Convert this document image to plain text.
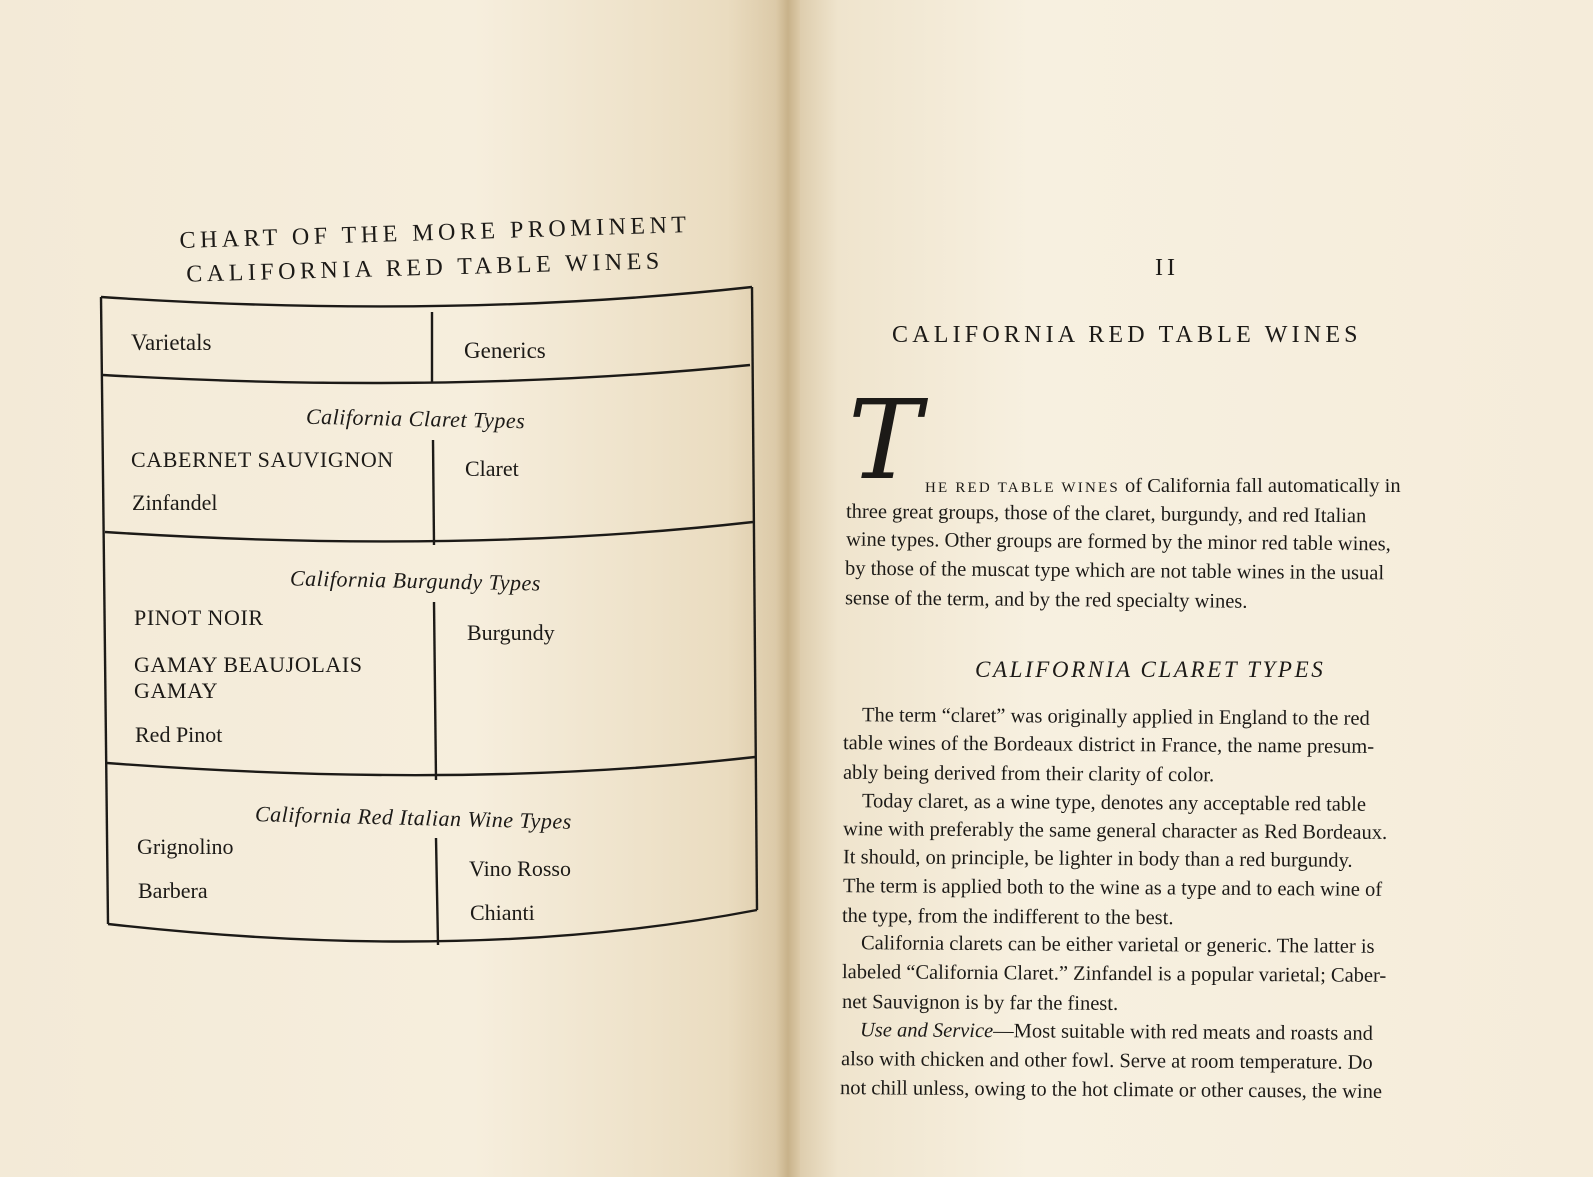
CHART OF THE MORE PROMINENT
CALIFORNIA RED TABLE WINES

Varietals	Generics

California Claret Types

CABERNET SAUVIGNON

Zinfandel

Claret

California Burgundy Types

PINOT NOIR

GAMAY BEAUJOLAIS

GAMAY

Red Pinot

Burgundy

California Red Italian Wine Types

Grignolino

Barbera

Vino Rosso

Chianti

II

CALIFORNIA RED TABLE WINES
T HE RED TABLE WINES of California fall automatically in

three great groups, those of the claret, burgundy, and red Italian

wine types. Other groups are formed by the minor red table wines,

by those of the muscat type which are not table wines in the usual

sense of the term, and by the red specialty wines.

CALIFORNIA CLARET TYPES

The term “claret” was originally applied in England to the red

table wines of the Bordeaux district in France, the name presum-

ably being derived from their clarity of color.

Today claret, as a wine type, denotes any acceptable red table

wine with preferably the same general character as Red Bordeaux.

It should, on principle, be lighter in body than a red burgundy.

The term is applied both to the wine as a type and to each wine of

the type, from the indifferent to the best.

California clarets can be either varietal or generic. The latter is

labeled “California Claret.” Zinfandel is a popular varietal; Caber-

net Sauvignon is by far the finest.

Use and Service—Most suitable with red meats and roasts and

also with chicken and other fowl. Serve at room temperature. Do

not chill unless, owing to the hot climate or other causes, the wine
